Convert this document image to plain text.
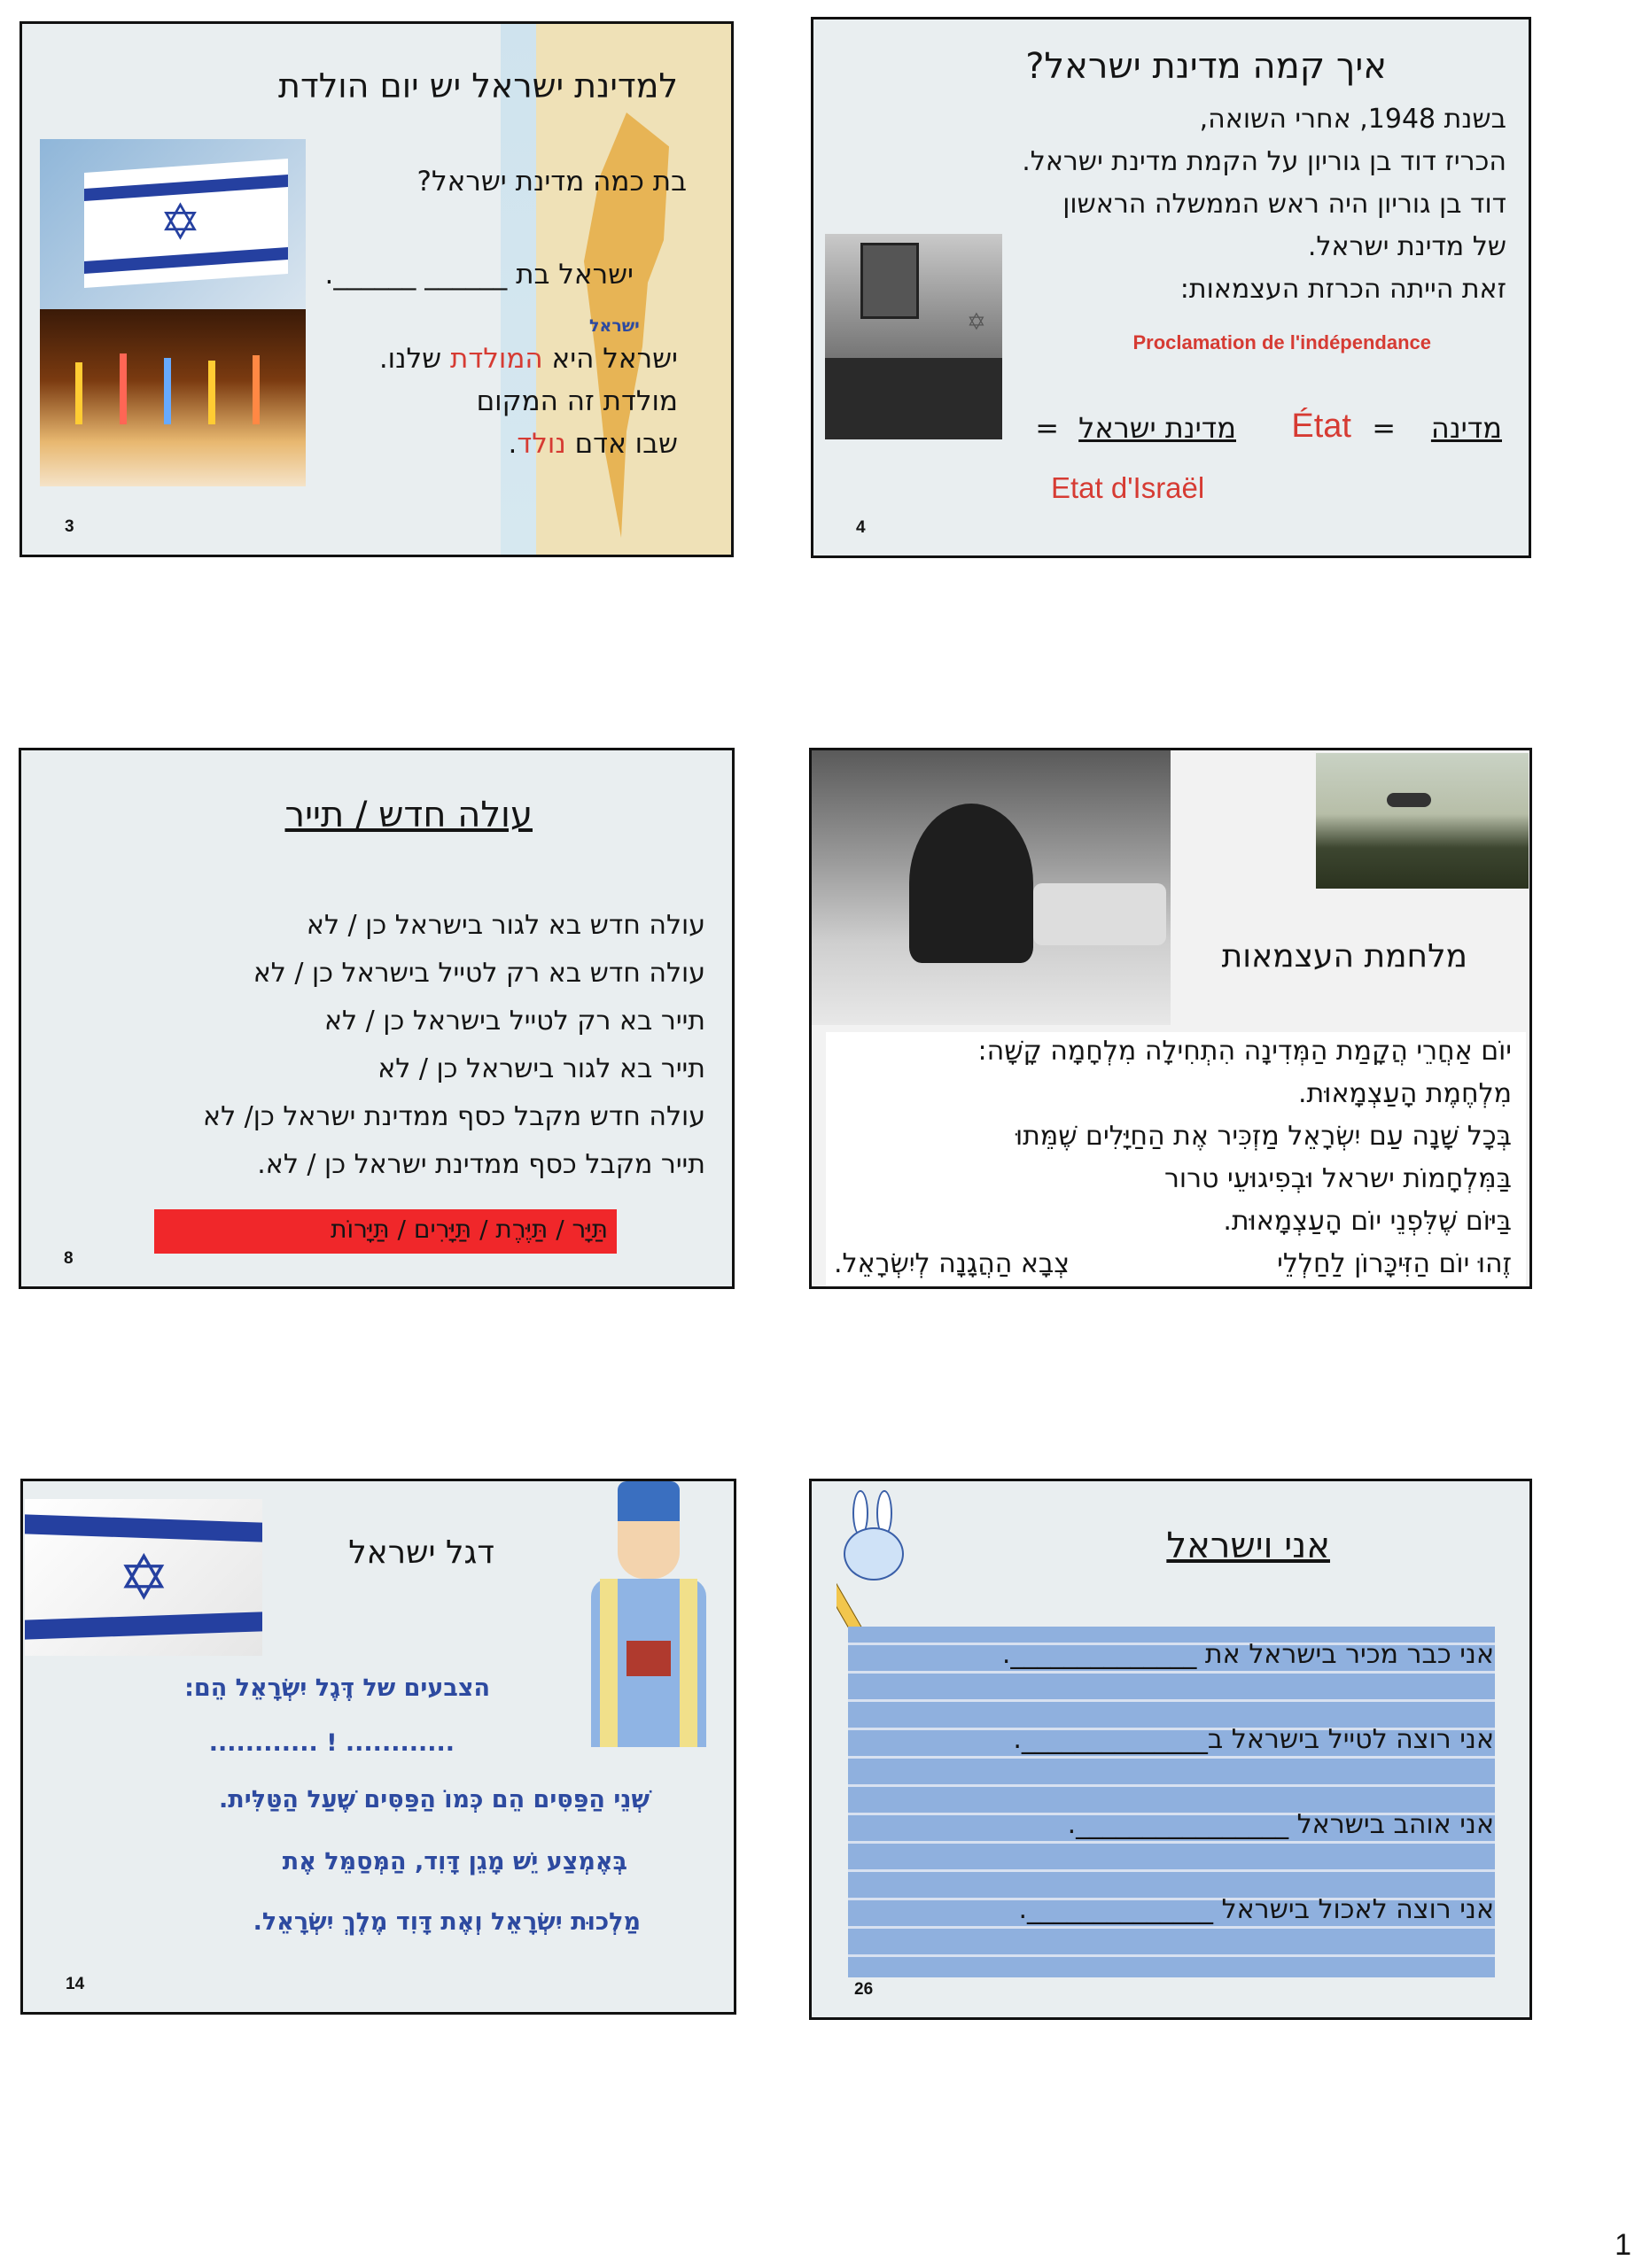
ישראל
למדינת ישראל יש יום הולדת
✡
בת כמה מדינת ישראל?
ישראל בת ______ ______.
ישראל היא המולדת שלנו.
מולדת זה המקום
שבו אדם נולד.
3
איך קמה מדינת ישראל?
בשנת 1948, אחרי השואה,
הכריז דוד בן גוריון על הקמת מדינת ישראל.
דוד בן גוריון היה ראש הממשלה הראשון
של מדינת ישראל.
זאת הייתה הכרזת העצמאות:
✡
Proclamation de l'indépendance
מדינה
=
État
מדינת ישראל
=
Etat d'Israël
4
עולה חדש / תייר
עולה חדש בא לגור בישראל כן / לא
עולה חדש בא רק לטייל בישראל כן / לא
תייר בא רק לטייל בישראל כן / לא
תייר בא לגור בישראל כן / לא
עולה חדש מקבל כסף ממדינת ישראל כן/ לא
תייר מקבל כסף ממדינת ישראל כן / לא.
תַּיָּר / תַּיֶּרֶת / תַּיָּרִים / תַּיָּרוֹת
8
מלחמת העצמאות
יוֹם אַחֲרֵי הֲקָמַת הַמְּדִינָה הִתְחִילָה מִלְחָמָה קָשָׁה:
מִלְחֶמֶת הָעַצְמָאוּת.
בְּכָל שָׁנָה עַם יִשְׂרָאֵל מַזְכִּיר אֶת הַחַיָּלִים שֶׁמֵּתוּ
בַּמִּלְחָמוֹת ישראל וּבְפִיגוּעֵי טרור
בַּיּוֹם שֶׁלִּפְנֵי יוֹם הָעַצְמָאוּת.
זֶהוּ יוֹם הַזִּיכָּרוֹן לַחַלְלֵי
צְבָא הַהֲגָנָה לְיִשְׂרָאֵל.
✡	דגל ישראל
הצבעים של דֶּגֶל יִשְׂרָאֵל הֵם:
............ ! ............
שְׁנֵי הַפַּסִּים הֵם כְּמוֹ הַפַּסִּים שֶׁעַל הַטַּלִּית.
בְּאֶמְצַע יֵשׁ מָגֵן דָּוִד, הַמְּסַמֵּל אֶת
מַלְכוּת יִשְׂרָאֵל וְאֶת דָּוִד מֶלֶךְ יִשְׂרָאֵל.
14
אני וישראל
אני כבר מכיר בישראל את ______________.
אני רוצה לטייל בישראל ב______________.
אני אוהב בישראל ________________.
אני רוצה לאכול בישראל ______________.
26
1
